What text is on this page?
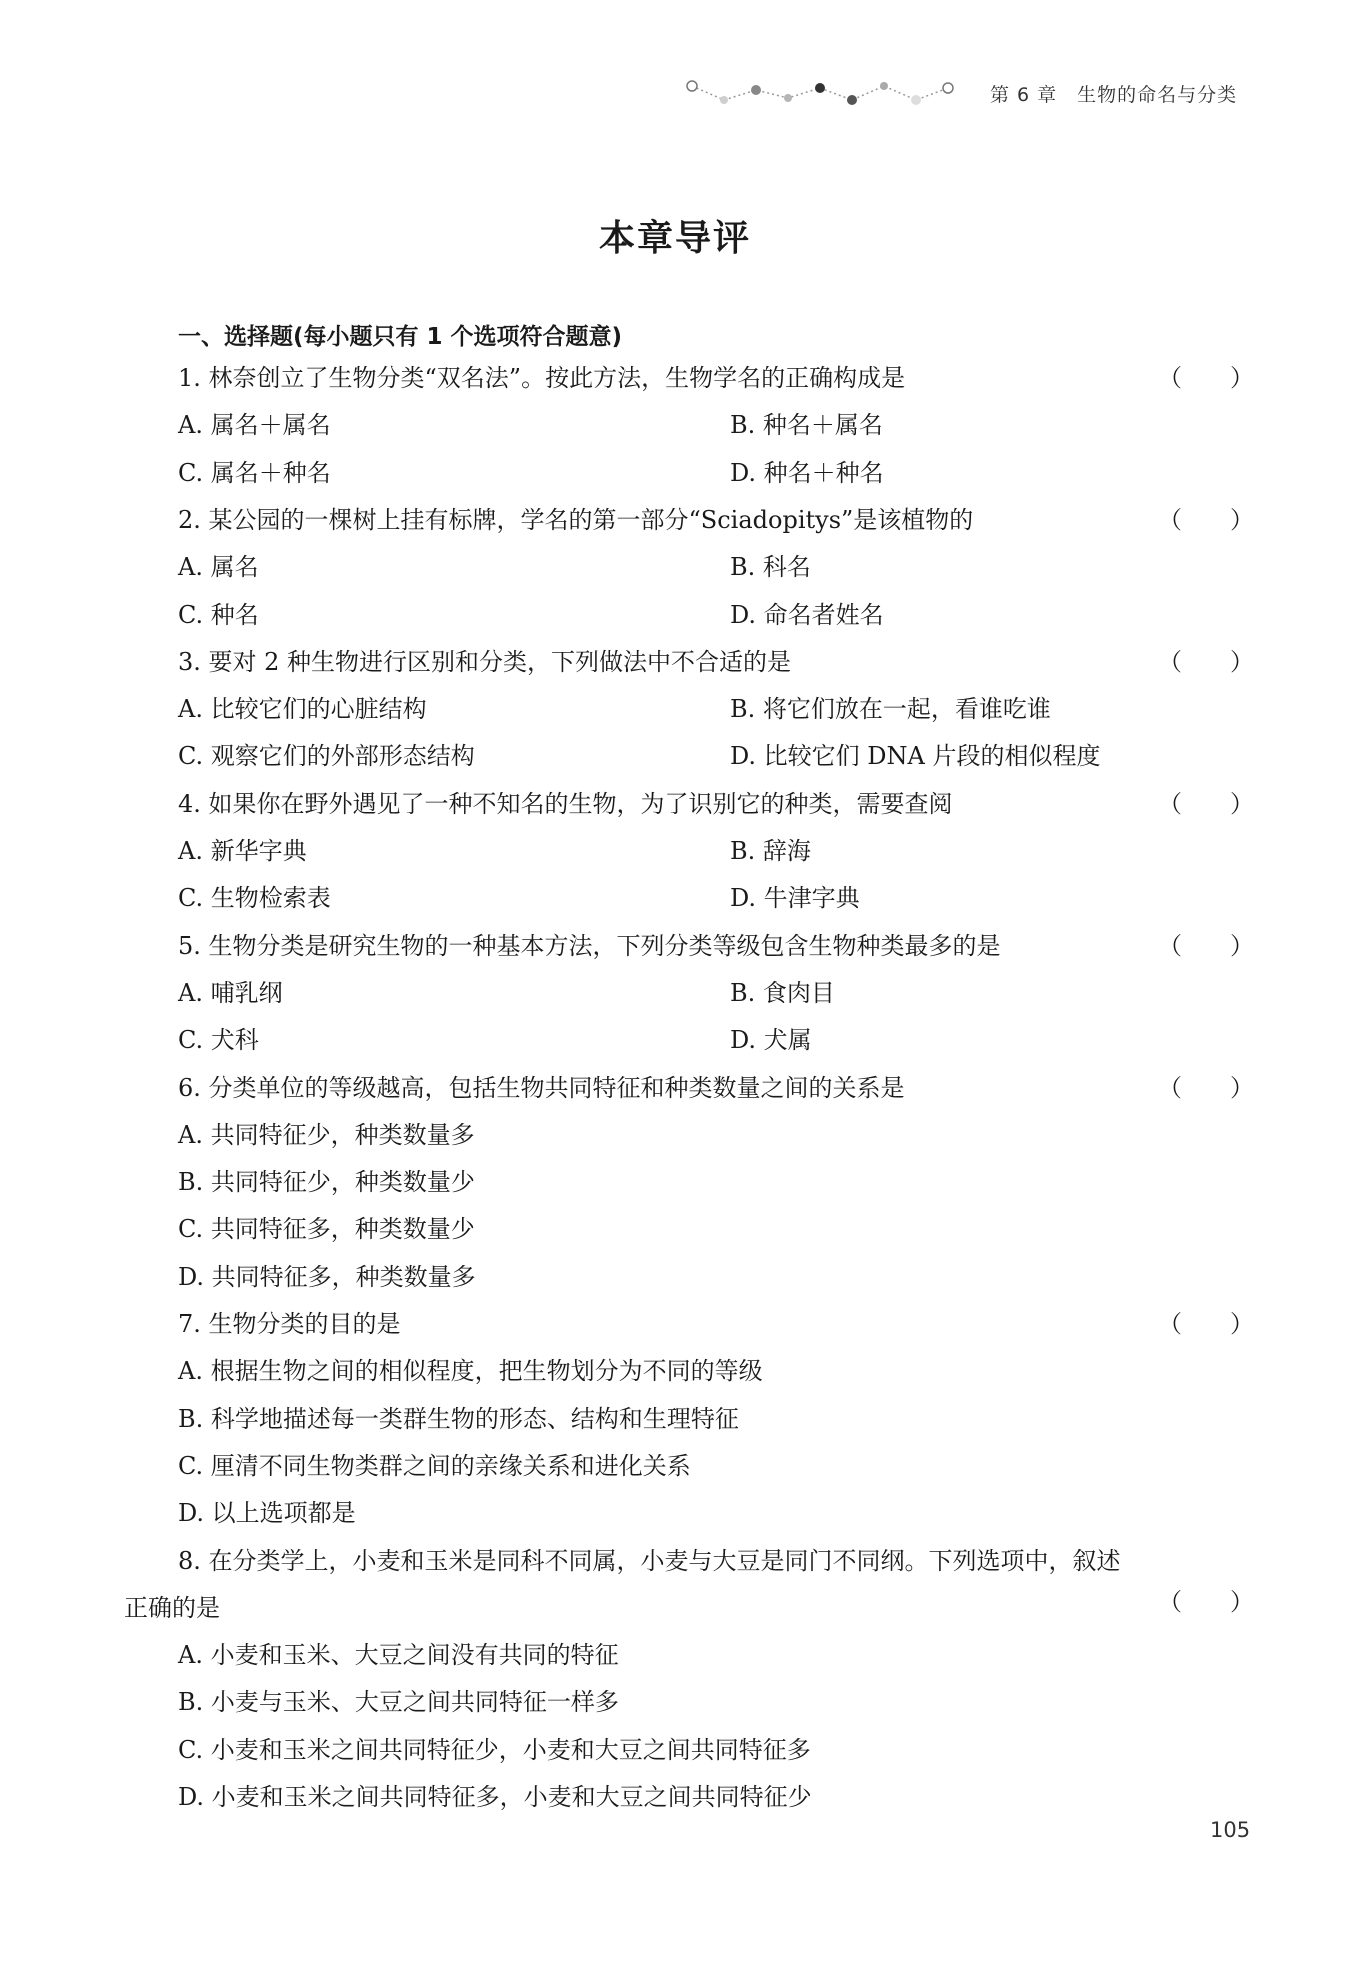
第 6 章　生物的命名与分类
本章导评
一、选择题(每小题只有 1 个选项符合题意)
1. 林奈创立了生物分类“双名法”。按此方法，生物学名的正确构成是	（　　）
A. 属名＋属名	B. 种名＋属名
C. 属名＋种名	D. 种名＋种名
2. 某公园的一棵树上挂有标牌，学名的第一部分“Sciadopitys”是该植物的	（　　）
A. 属名	B. 科名
C. 种名	D. 命名者姓名
3. 要对 2 种生物进行区别和分类，下列做法中不合适的是	（　　）
A. 比较它们的心脏结构	B. 将它们放在一起，看谁吃谁
C. 观察它们的外部形态结构	D. 比较它们 DNA 片段的相似程度
4. 如果你在野外遇见了一种不知名的生物，为了识别它的种类，需要查阅	（　　）
A. 新华字典	B. 辞海
C. 生物检索表	D. 牛津字典
5. 生物分类是研究生物的一种基本方法，下列分类等级包含生物种类最多的是	（　　）
A. 哺乳纲	B. 食肉目
C. 犬科	D. 犬属
6. 分类单位的等级越高，包括生物共同特征和种类数量之间的关系是	（　　）
A. 共同特征少，种类数量多
B. 共同特征少，种类数量少
C. 共同特征多，种类数量少
D. 共同特征多，种类数量多
7. 生物分类的目的是	（　　）
A. 根据生物之间的相似程度，把生物划分为不同的等级
B. 科学地描述每一类群生物的形态、结构和生理特征
C. 厘清不同生物类群之间的亲缘关系和进化关系
D. 以上选项都是
8. 在分类学上，小麦和玉米是同科不同属，小麦与大豆是同门不同纲。下列选项中，叙述
正确的是	（　　）
A. 小麦和玉米、大豆之间没有共同的特征
B. 小麦与玉米、大豆之间共同特征一样多
C. 小麦和玉米之间共同特征少，小麦和大豆之间共同特征多
D. 小麦和玉米之间共同特征多，小麦和大豆之间共同特征少
105
